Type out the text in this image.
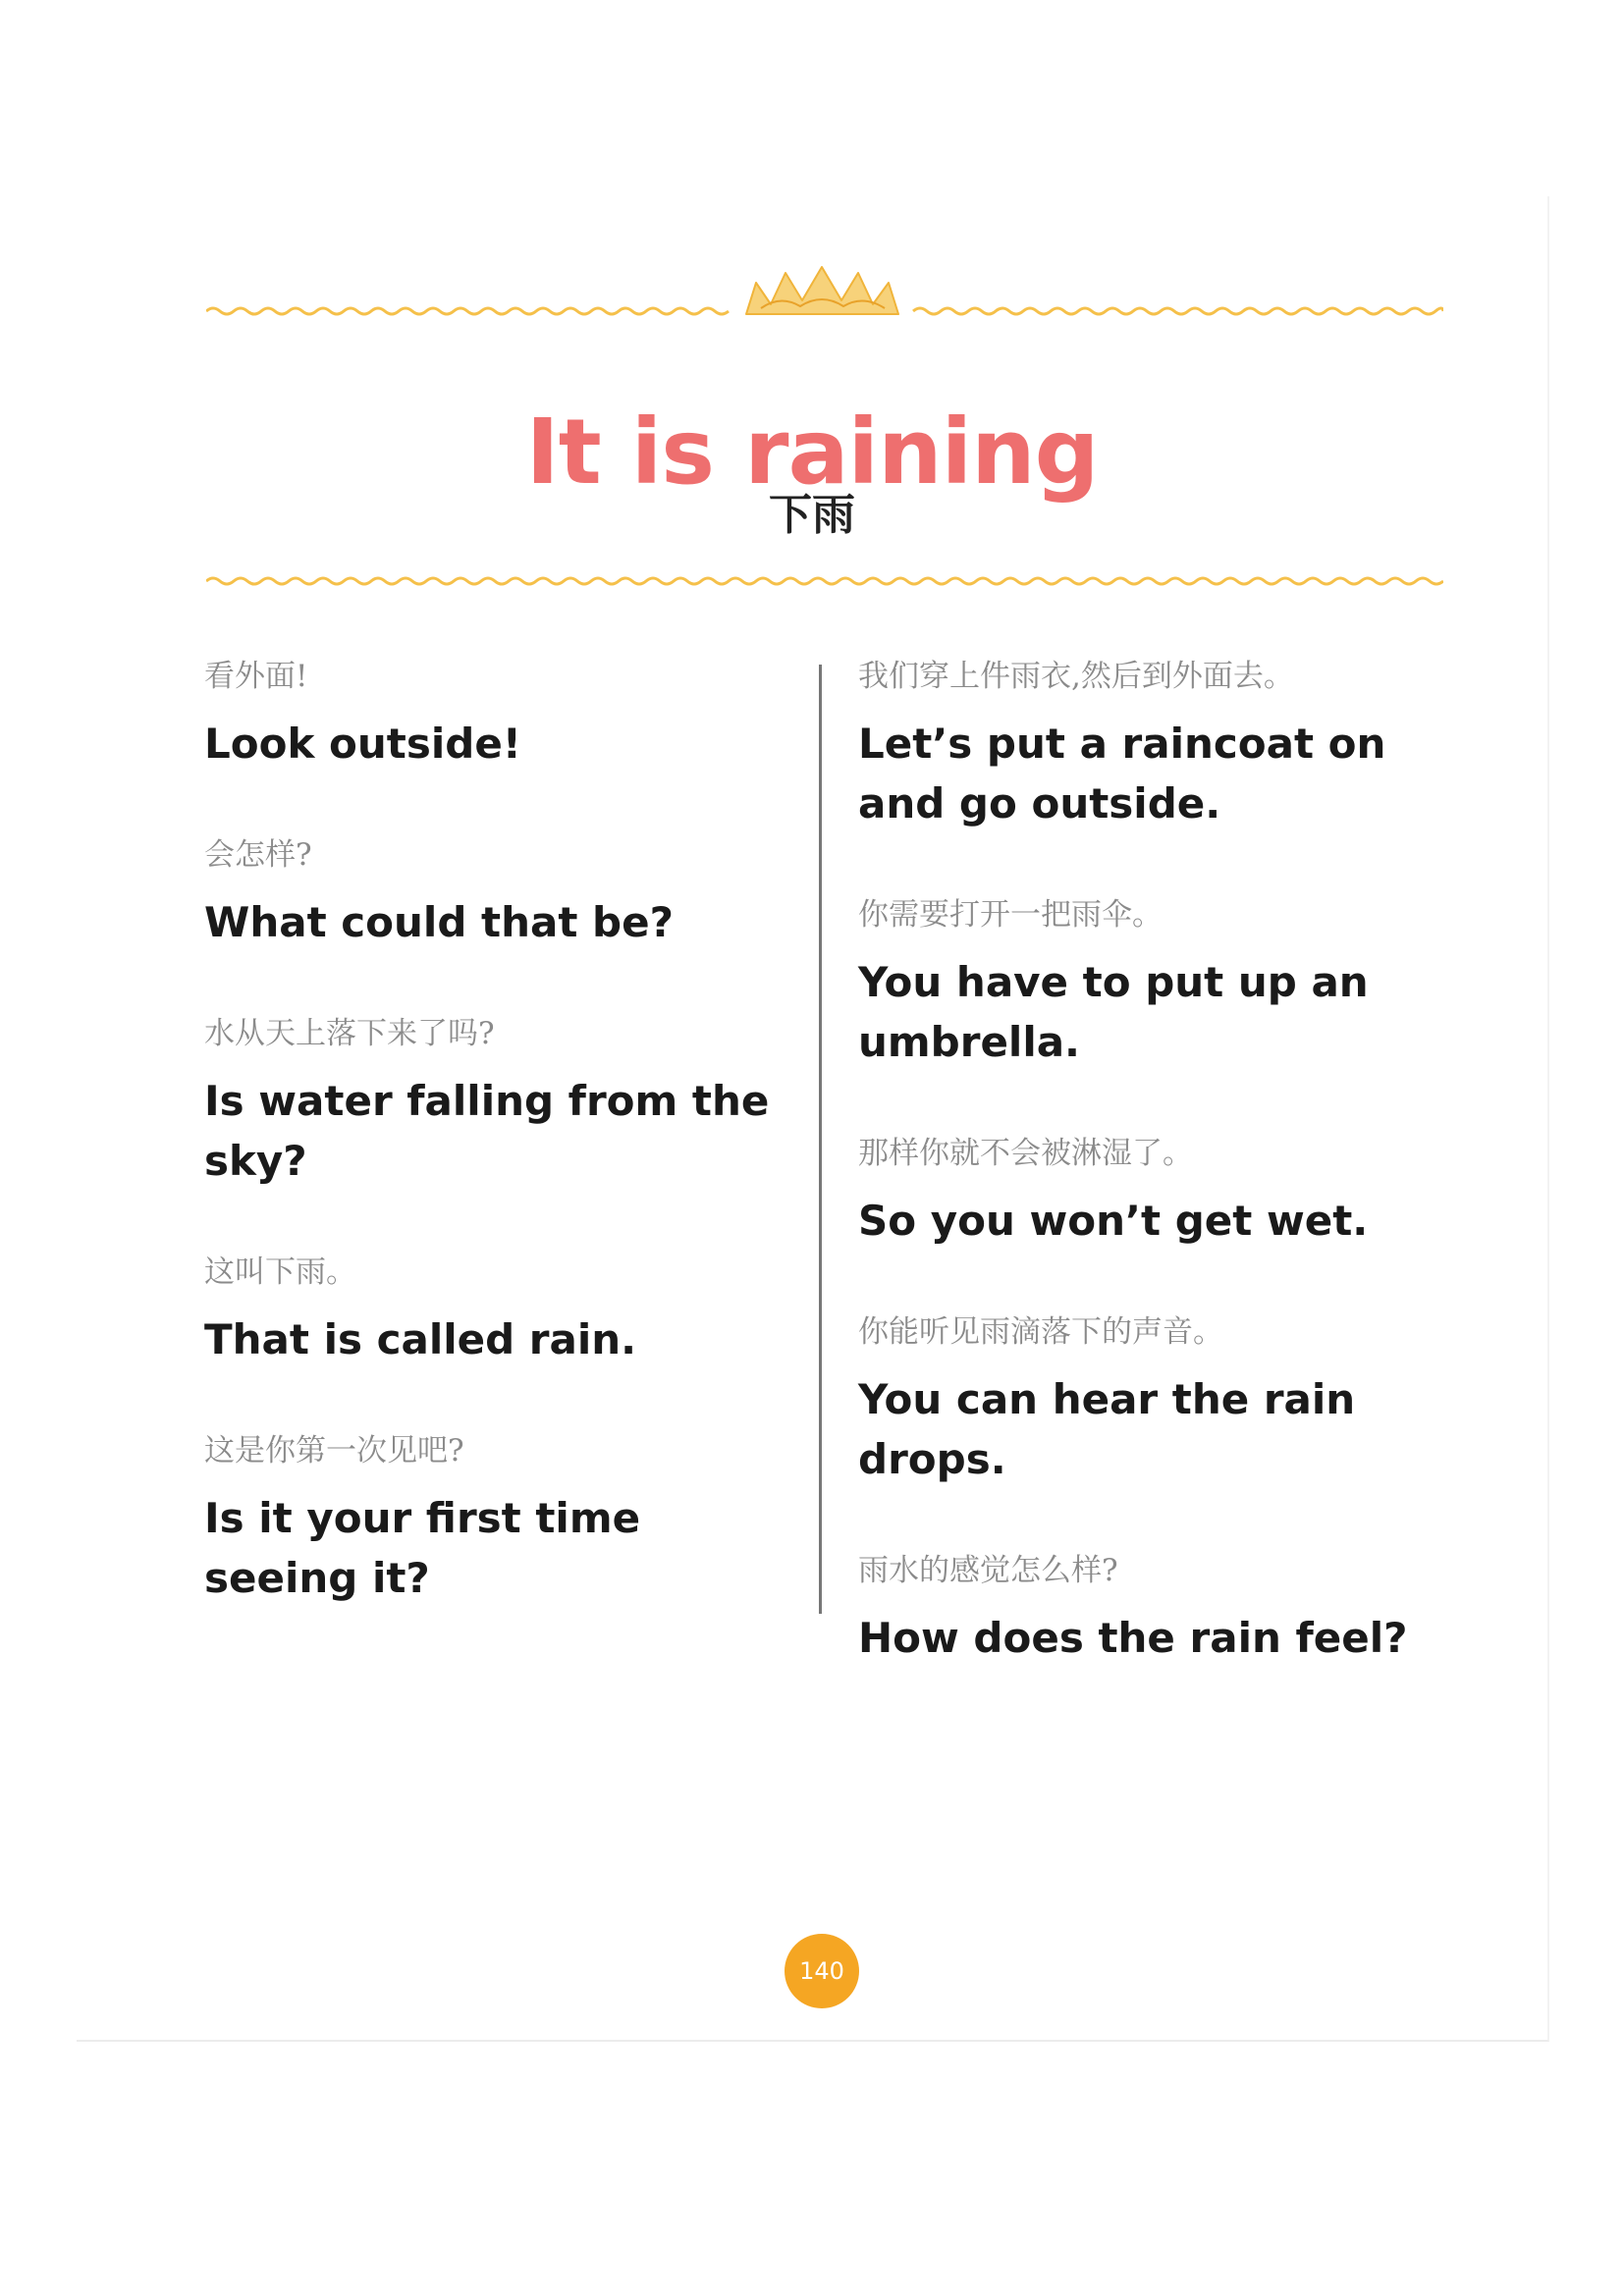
It is raining
下雨
看外面!
Look outside!
会怎样?
What could that be?
水从天上落下来了吗?
Is water falling from the sky?
这叫下雨。
That is called rain.
这是你第一次见吧?
Is it your first time seeing it?
我们穿上件雨衣,然后到外面去。
Let’s put a raincoat on and go outside.
你需要打开一把雨伞。
You have to put up an umbrella.
那样你就不会被淋湿了。
So you won’t get wet.
你能听见雨滴落下的声音。
You can hear the rain drops.
雨水的感觉怎么样?
How does the rain feel?
140
